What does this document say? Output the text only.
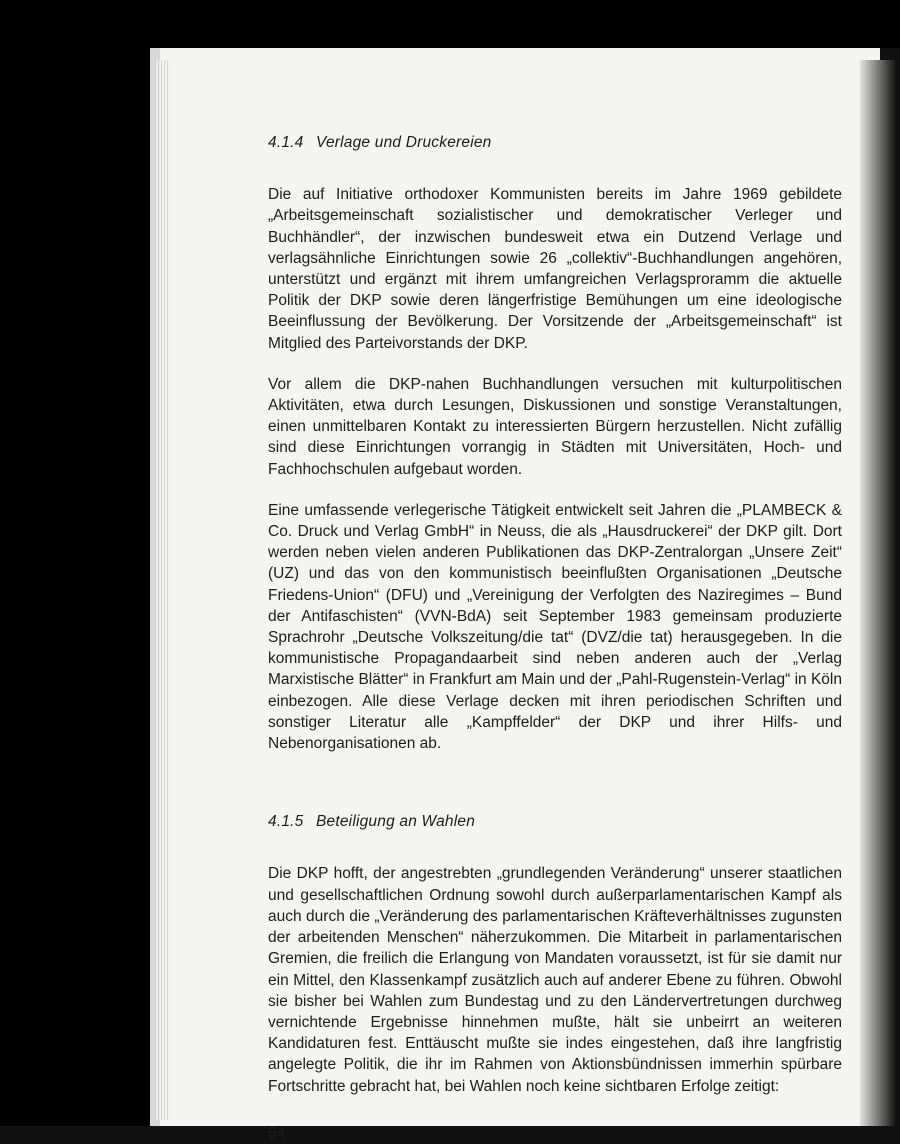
4.1.4 Verlage und Druckereien

Die auf Initiative orthodoxer Kommunisten bereits im Jahre 1969 gebildete „Arbeitsgemeinschaft sozialistischer und demokratischer Verleger und Buchhändler“, der inzwischen bundesweit etwa ein Dutzend Verlage und verlagsähnliche Einrichtungen sowie 26 „collektiv“-Buchhandlungen angehören, unterstützt und ergänzt mit ihrem umfangreichen Verlagsproramm die aktuelle Politik der DKP sowie deren längerfristige Bemühungen um eine ideologische Beeinflussung der Bevölkerung. Der Vorsitzende der „Arbeitsgemeinschaft“ ist Mitglied des Parteivorstands der DKP.

Vor allem die DKP-nahen Buchhandlungen versuchen mit kulturpolitischen Aktivitäten, etwa durch Lesungen, Diskussionen und sonstige Veranstaltungen, einen unmittelbaren Kontakt zu interessierten Bürgern herzustellen. Nicht zufällig sind diese Einrichtungen vorrangig in Städten mit Universitäten, Hoch- und Fachhochschulen aufgebaut worden.

Eine umfassende verlegerische Tätigkeit entwickelt seit Jahren die „PLAMBECK & Co. Druck und Verlag GmbH“ in Neuss, die als „Hausdruckerei“ der DKP gilt. Dort werden neben vielen anderen Publikationen das DKP-Zentralorgan „Unsere Zeit“ (UZ) und das von den kommunistisch beeinflußten Organisationen „Deutsche Friedens-Union“ (DFU) und „Vereinigung der Verfolgten des Naziregimes – Bund der Antifaschisten“ (VVN-BdA) seit September 1983 gemeinsam produzierte Sprachrohr „Deutsche Volkszeitung/die tat“ (DVZ/die tat) herausgegeben. In die kommunistische Propagandaarbeit sind neben anderen auch der „Verlag Marxistische Blätter“ in Frankfurt am Main und der „Pahl-Rugenstein-Verlag“ in Köln einbezogen. Alle diese Verlage decken mit ihren periodischen Schriften und sonstiger Literatur alle „Kampffelder“ der DKP und ihrer Hilfs- und Nebenorganisationen ab.

4.1.5 Beteiligung an Wahlen

Die DKP hofft, der angestrebten „grundlegenden Veränderung“ unserer staatlichen und gesellschaftlichen Ordnung sowohl durch außerparlamentarischen Kampf als auch durch die „Veränderung des parlamentarischen Kräfteverhältnisses zugunsten der arbeitenden Menschen“ näherzukommen. Die Mitarbeit in parlamentarischen Gremien, die freilich die Erlangung von Mandaten voraussetzt, ist für sie damit nur ein Mittel, den Klassenkampf zusätzlich auch auf anderer Ebene zu führen. Obwohl sie bisher bei Wahlen zum Bundestag und zu den Ländervertretungen durchweg vernichtende Ergebnisse hinnehmen mußte, hält sie unbeirrt an weiteren Kandidaturen fest. Enttäuscht mußte sie indes eingestehen, daß ihre langfristig angelegte Politik, die ihr im Rahmen von Aktionsbündnissen immerhin spürbare Fortschritte gebracht hat, bei Wahlen noch keine sichtbaren Erfolge zeitigt:

54
